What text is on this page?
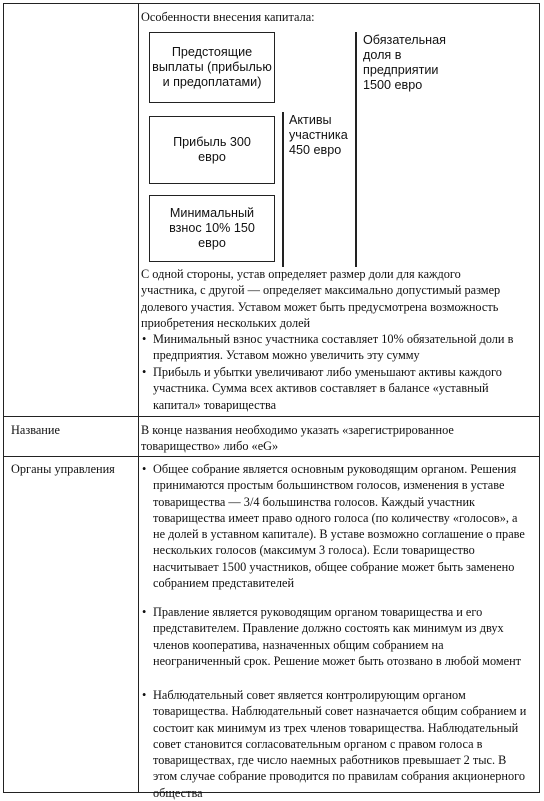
Особенности внесения капитала:
Предстоящие выплаты (прибылью и предоплатами)
Прибыль 300 евро
Минимальный взнос 10% 150 евро
Активы участника 450 евро
Обязательная доля в предприятии 1500 евро
С одной стороны, устав определяет размер доли для каждого участника, с другой — определяет максимально допустимый размер долевого участия. Уставом может быть предусмотрена возможность приобретения нескольких долей
• Минимальный взнос участника составляет 10% обязательной доли в предприятия. Уставом можно увеличить эту сумму
• Прибыль и убытки увеличивают либо уменьшают активы каждого участника. Сумма всех активов составляет в балансе «уставный капитал» товарищества
Название	В конце названия необходимо указать «зарегистрированное товарищество» либо «eG»
Органы управления • Общее собрание является основным руководящим органом. Решения принимаются простым большинством голосов, изменения в уставе товарищества — 3/4 большинства голосов. Каждый участник товарищества имеет право одного голоса (по количеству «голосов», а не долей в уставном капитале). В уставе возможно соглашение о праве нескольких голосов (максимум 3 голоса). Если товарищество насчитывает 1500 участников, общее собрание может быть заменено собранием представителей
• Правление является руководящим органом товарищества и его представителем. Правление должно состоять как минимум из двух членов кооператива, назначенных общим собранием на неограниченный срок. Решение может быть отозвано в любой момент
• Наблюдательный совет является контролирующим органом товарищества. Наблюдательный совет назначается общим собранием и состоит как минимум из трех членов товарищества. Наблюдательный совет становится согласовательным органом с правом голоса в товариществах, где число наемных работников превышает 2 тыс. В этом случае собрание проводится по правилам собрания акционерного общества
